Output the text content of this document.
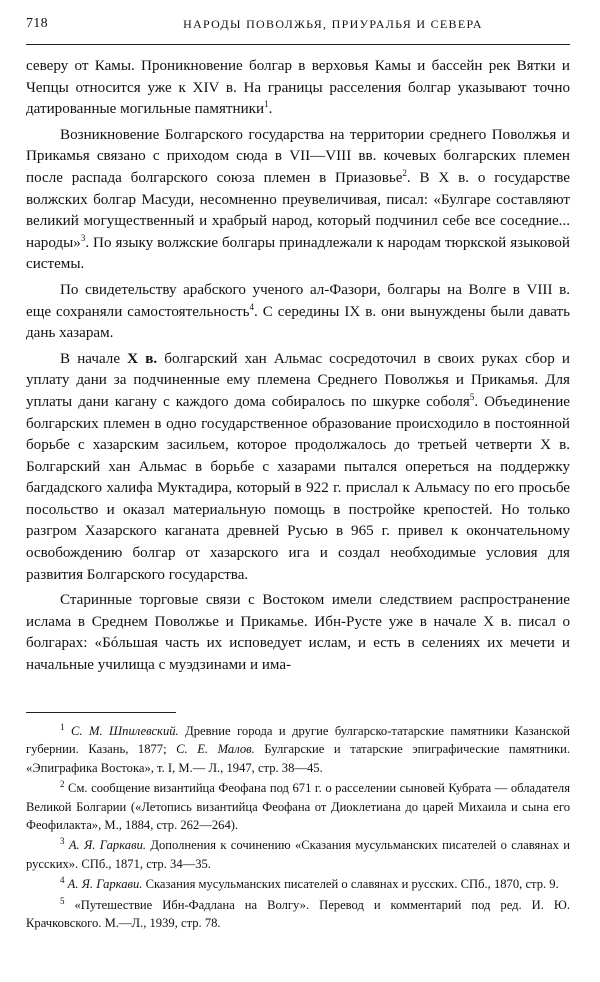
718	НАРОДЫ ПОВОЛЖЬЯ, ПРИУРАЛЬЯ И СЕВЕРА

северу от Камы. Проникновение болгар в верховья Камы и бассейн рек Вятки и Чепцы относится уже к XIV в. На границы расселения болгар указывают точно датированные могильные памятники$^1$.

Возникновение Болгарского государства на территории среднего Поволжья и Прикамья связано с приходом сюда в VII—VIII вв. кочевых болгарских племен после распада болгарского союза племен в Приазовье$^2$. В X в. о государстве волжских болгар Масуди, несомненно преувеличивая, писал: «Булгаре составляют великий могущественный и храбрый народ, который подчинил себе все соседние... народы»$^3$. По языку волжские болгары принадлежали к народам тюркской языковой системы.

По свидетельству арабского ученого ал-Фазори, болгары на Волге в VIII в. еще сохраняли самостоятельность$^4$. С середины IX в. они вынуждены были давать дань хазарам.

В начале X в. болгарский хан Альмас сосредоточил в своих руках сбор и уплату дани за подчиненные ему племена Среднего Поволжья и Прикамья. Для уплаты дани кагану с каждого дома собиралось по шкурке соболя$^5$. Объединение болгарских племен в одно государственное образование происходило в постоянной борьбе с хазарским засильем, которое продолжалось до третьей четверти X в. Болгарский хан Альмас в борьбе с хазарами пытался опереться на поддержку багдадского халифа Муктадира, который в 922 г. прислал к Альмасу по его просьбе посольство и оказал материальную помощь в постройке крепостей. Но только разгром Хазарского каганата древней Русью в 965 г. привел к окончательному освобождению болгар от хазарского ига и создал необходимые условия для развития Болгарского государства.

Старинные торговые связи с Востоком имели следствием распространение ислама в Среднем Поволжье и Прикамье. Ибн-Русте уже в начале X в. писал о болгарах: «Бóльшая часть их исповедует ислам, и есть в селениях их мечети и начальные училища с муэдзинами и има-

$^1$ С. М. Шпилевский. Древние города и другие булгарско-татарские памятники Казанской губернии. Казань, 1877; С. Е. Малов. Булгарские и татарские эпиграфические памятники. «Эпиграфика Востока», т. I, М.— Л., 1947, стр. 38—45.

$^2$ См. сообщение византийца Феофана под 671 г. о расселении сыновей Кубрата — обладателя Великой Болгарии («Летопись византийца Феофана от Диоклетиана до царей Михаила и сына его Феофилакта», М., 1884, стр. 262—264).

$^3$ А. Я. Гаркави. Дополнения к сочинению «Сказания мусульманских писателей о славянах и русских». СПб., 1871, стр. 34—35.

$^4$ А. Я. Гаркави. Сказания мусульманских писателей о славянах и русских. СПб., 1870, стр. 9.

$^5$ «Путешествие Ибн-Фадлана на Волгу». Перевод и комментарий под ред. И. Ю. Крачковского. М.—Л., 1939, стр. 78.
